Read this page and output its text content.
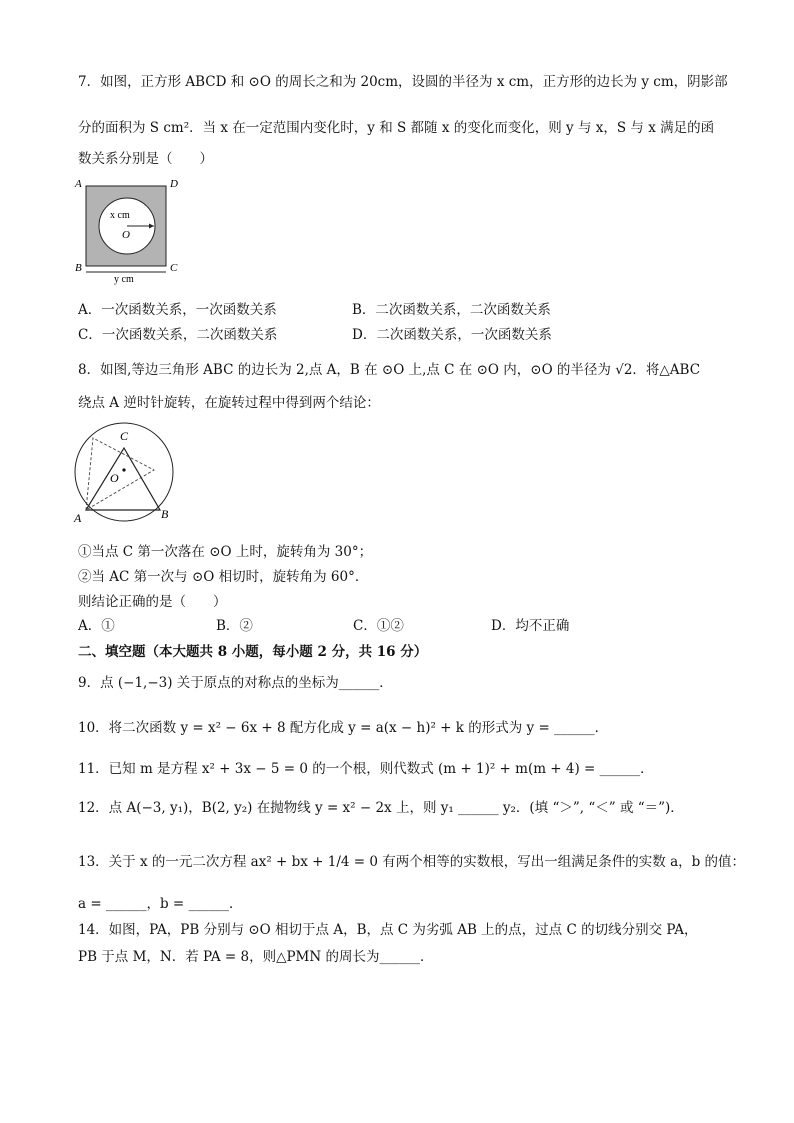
7．如图，正方形 ABCD 和 ⊙O 的周长之和为 20cm，设圆的半径为 x cm，正方形的边长为 y cm，阴影部
分的面积为 S cm²．当 x 在一定范围内变化时，y 和 S 都随 x 的变化而变化，则 y 与 x，S 与 x 满足的函
数关系分别是（　　）
A	D
B	C
O
x cm
y cm
A．一次函数关系，一次函数关系	B．二次函数关系，二次函数关系
C．一次函数关系，二次函数关系	D．二次函数关系，一次函数关系
8．如图,等边三角形 ABC 的边长为 2,点 A，B 在 ⊙O 上,点 C 在 ⊙O 内，⊙O 的半径为 √2．将△ABC
绕点 A 逆时针旋转，在旋转过程中得到两个结论：
C
O
A	B
①当点 C 第一次落在 ⊙O 上时，旋转角为 30°；
②当 AC 第一次与 ⊙O 相切时，旋转角为 60°．
则结论正确的是（　　）
A．①	B．②	C．①②	D．均不正确
二、填空题（本大题共 8 小题，每小题 2 分，共 16 分）
9．点 (−1,−3) 关于原点的对称点的坐标为______．
10．将二次函数 y = x² − 6x + 8 配方化成 y = a(x − h)² + k 的形式为 y = ______．
11．已知 m 是方程 x² + 3x − 5 = 0 的一个根，则代数式 (m + 1)² + m(m + 4) = ______．
12．点 A(−3, y₁)，B(2, y₂) 在抛物线 y = x² − 2x 上，则 y₁ ______ y₂．(填 “＞”, “＜” 或 “＝”)．
13．关于 x 的一元二次方程 ax² + bx + 1/4 = 0 有两个相等的实数根，写出一组满足条件的实数 a，b 的值：
a = ______，b = ______．
14．如图，PA，PB 分别与 ⊙O 相切于点 A，B，点 C 为劣弧 AB 上的点，过点 C 的切线分别交 PA，
PB 于点 M，N．若 PA = 8，则△PMN 的周长为______．
